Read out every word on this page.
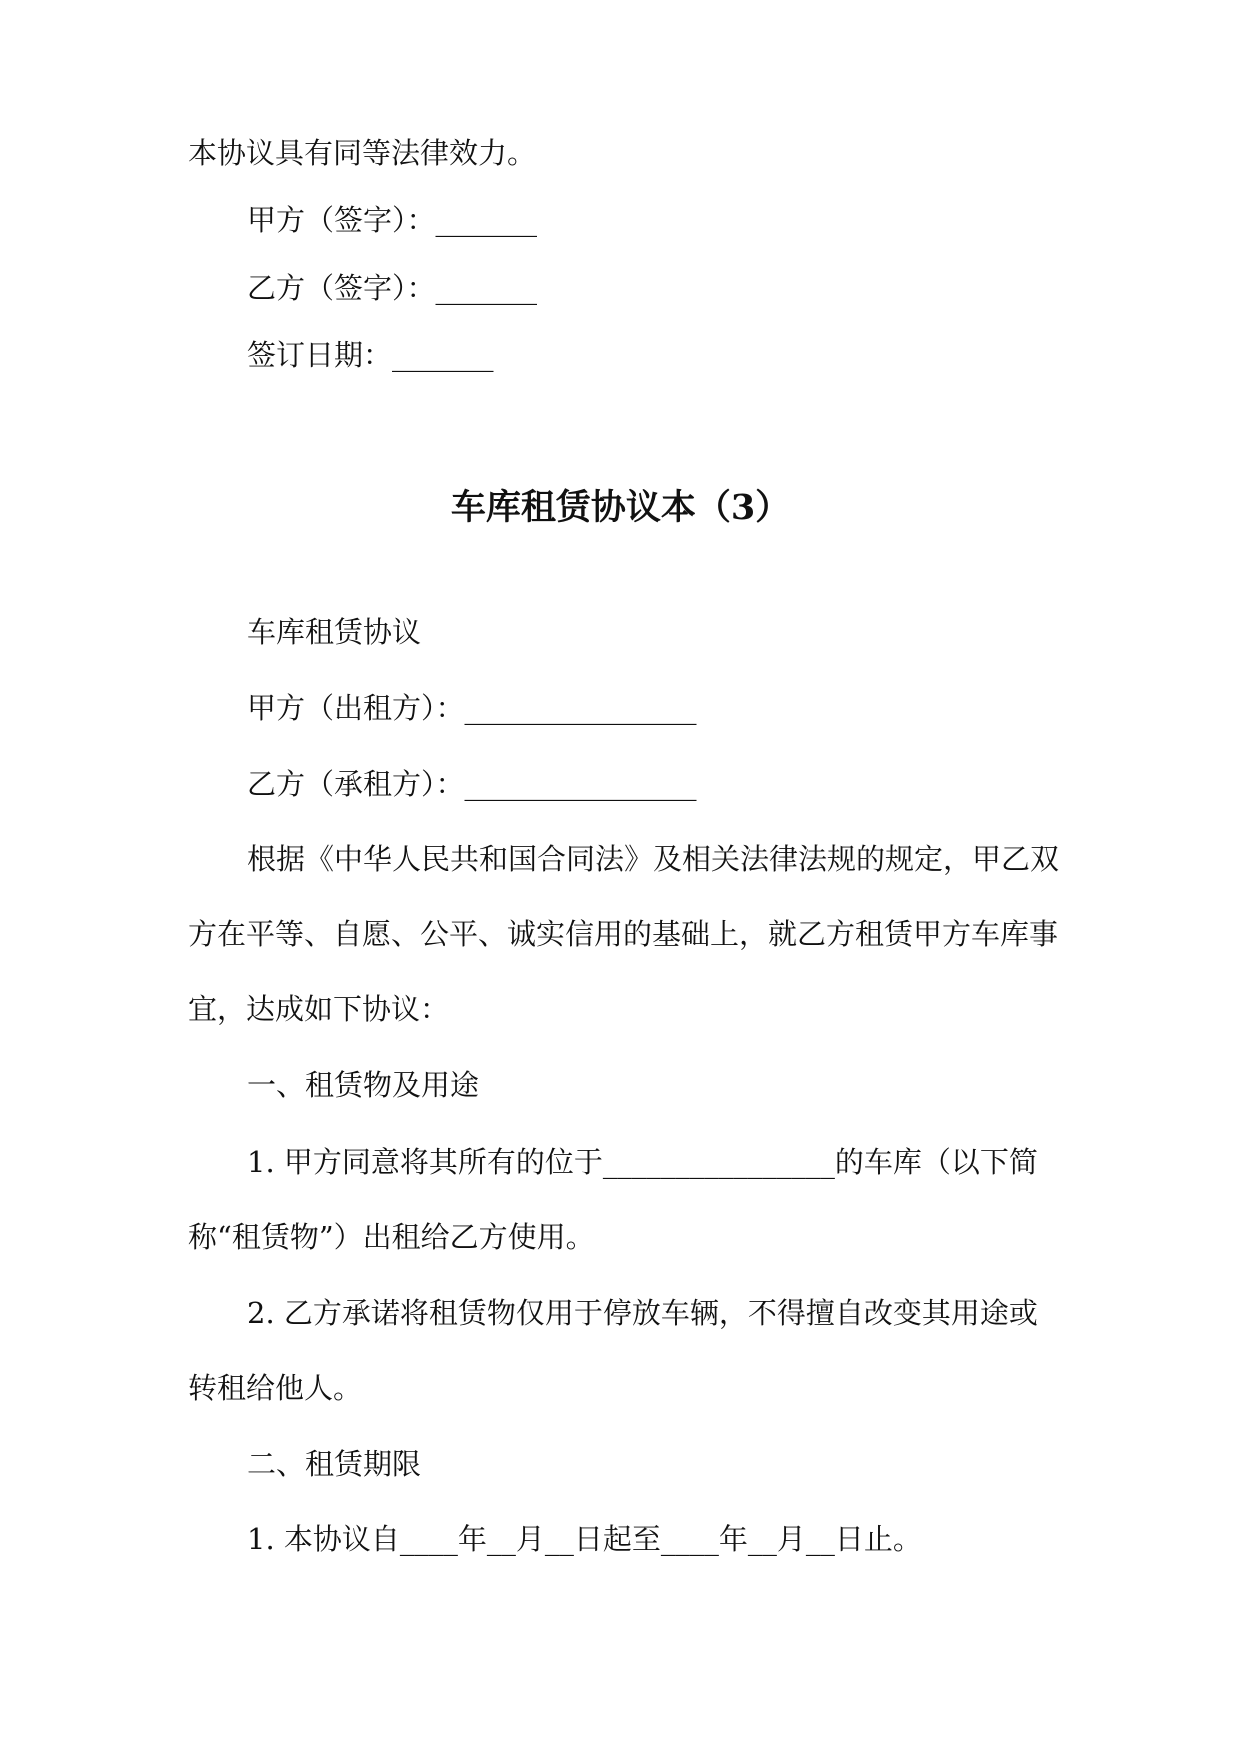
本协议具有同等法律效力。
甲方（签字）：_______
乙方（签字）：_______
签订日期：_______
车库租赁协议本（3）
车库租赁协议
甲方（出租方）：________________
乙方（承租方）：________________
根据《中华人民共和国合同法》及相关法律法规的规定，甲乙双
方在平等、自愿、公平、诚实信用的基础上，就乙方租赁甲方车库事
宜，达成如下协议：
一、租赁物及用途
1. 甲方同意将其所有的位于________________的车库（以下简
称“租赁物”）出租给乙方使用。
2. 乙方承诺将租赁物仅用于停放车辆，不得擅自改变其用途或
转租给他人。
二、租赁期限
1. 本协议自____年__月__日起至____年__月__日止。
